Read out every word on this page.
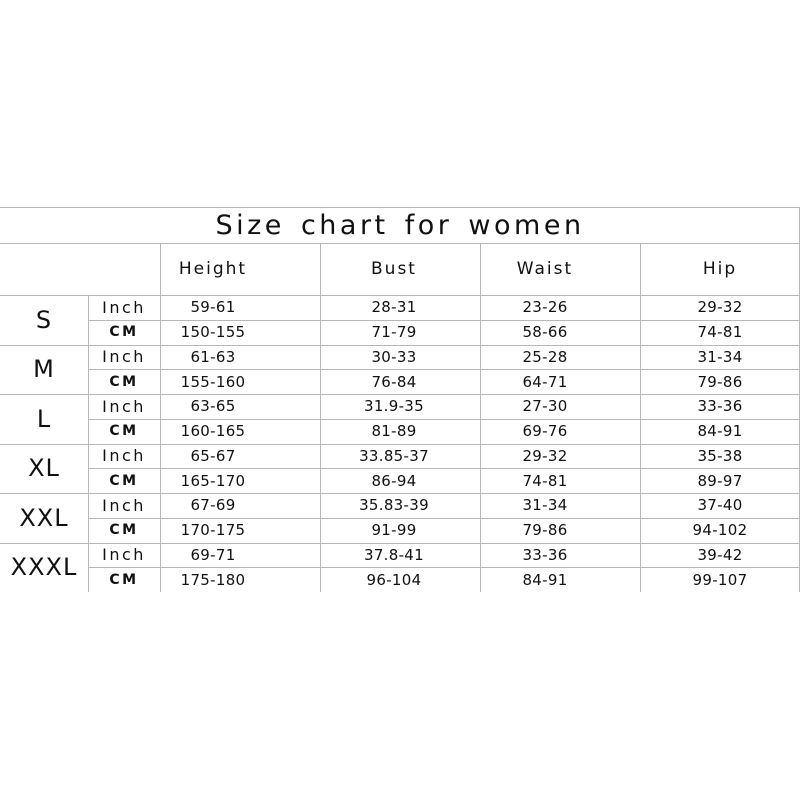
Size chart for women
Height	Bust	Waist	Hip
S	Inch	59-61	28-31	23-26	29-32
CM	150-155	71-79	58-66	74-81
M	Inch	61-63	30-33	25-28	31-34
CM	155-160	76-84	64-71	79-86
L	Inch	63-65	31.9-35	27-30	33-36
CM	160-165	81-89	69-76	84-91
XL	Inch	65-67	33.85-37	29-32	35-38
CM	165-170	86-94	74-81	89-97
XXL	Inch	67-69	35.83-39	31-34	37-40
CM	170-175	91-99	79-86	94-102
XXXL	Inch	69-71	37.8-41	33-36	39-42
CM	175-180	96-104	84-91	99-107
